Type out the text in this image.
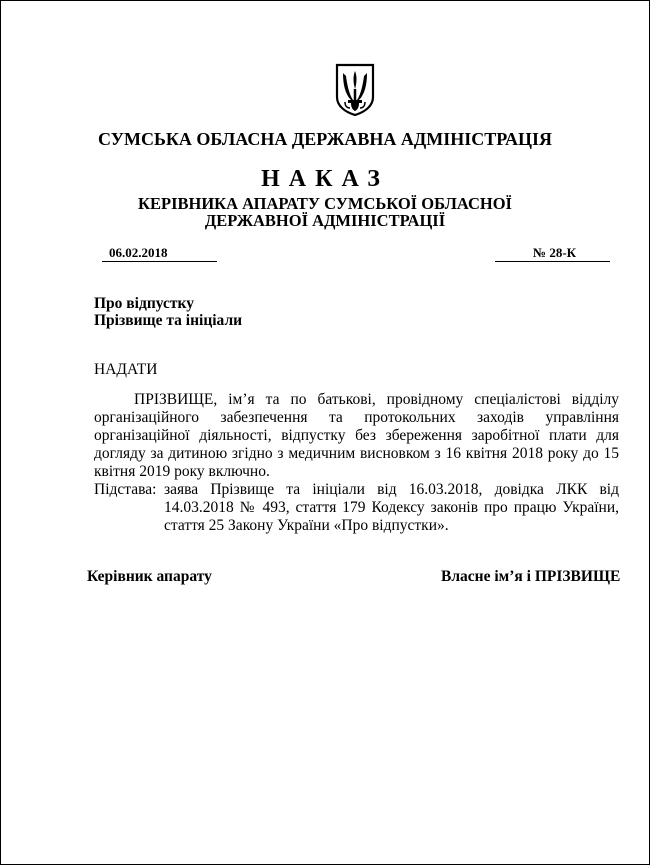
СУМСЬКА ОБЛАСНА ДЕРЖАВНА АДМІНІСТРАЦІЯ
НАКАЗ
КЕРІВНИКА АПАРАТУ СУМСЬКОЇ ОБЛАСНОЇ
ДЕРЖАВНОЇ АДМІНІСТРАЦІЇ
06.02.2018	№ 28-К
Про відпустку
Прізвище та ініціали
НАДАТИ
ПРІЗВИЩЕ, ім’я та по батькові, провідному спеціалістові відділу організаційного забезпечення та протокольних заходів управління організаційної діяльності, відпустку без збереження заробітної плати для догляду за дитиною згідно з медичним висновком з 16 квітня 2018 року до 15 квітня 2019 року включно.
Підстава: заява Прізвище та ініціали від 16.03.2018, довідка ЛКК від 14.03.2018 № 493, стаття 179 Кодексу законів про працю України, стаття 25 Закону України «Про відпустки».
Керівник апарату	Власне ім’я і ПРІЗВИЩЕ
